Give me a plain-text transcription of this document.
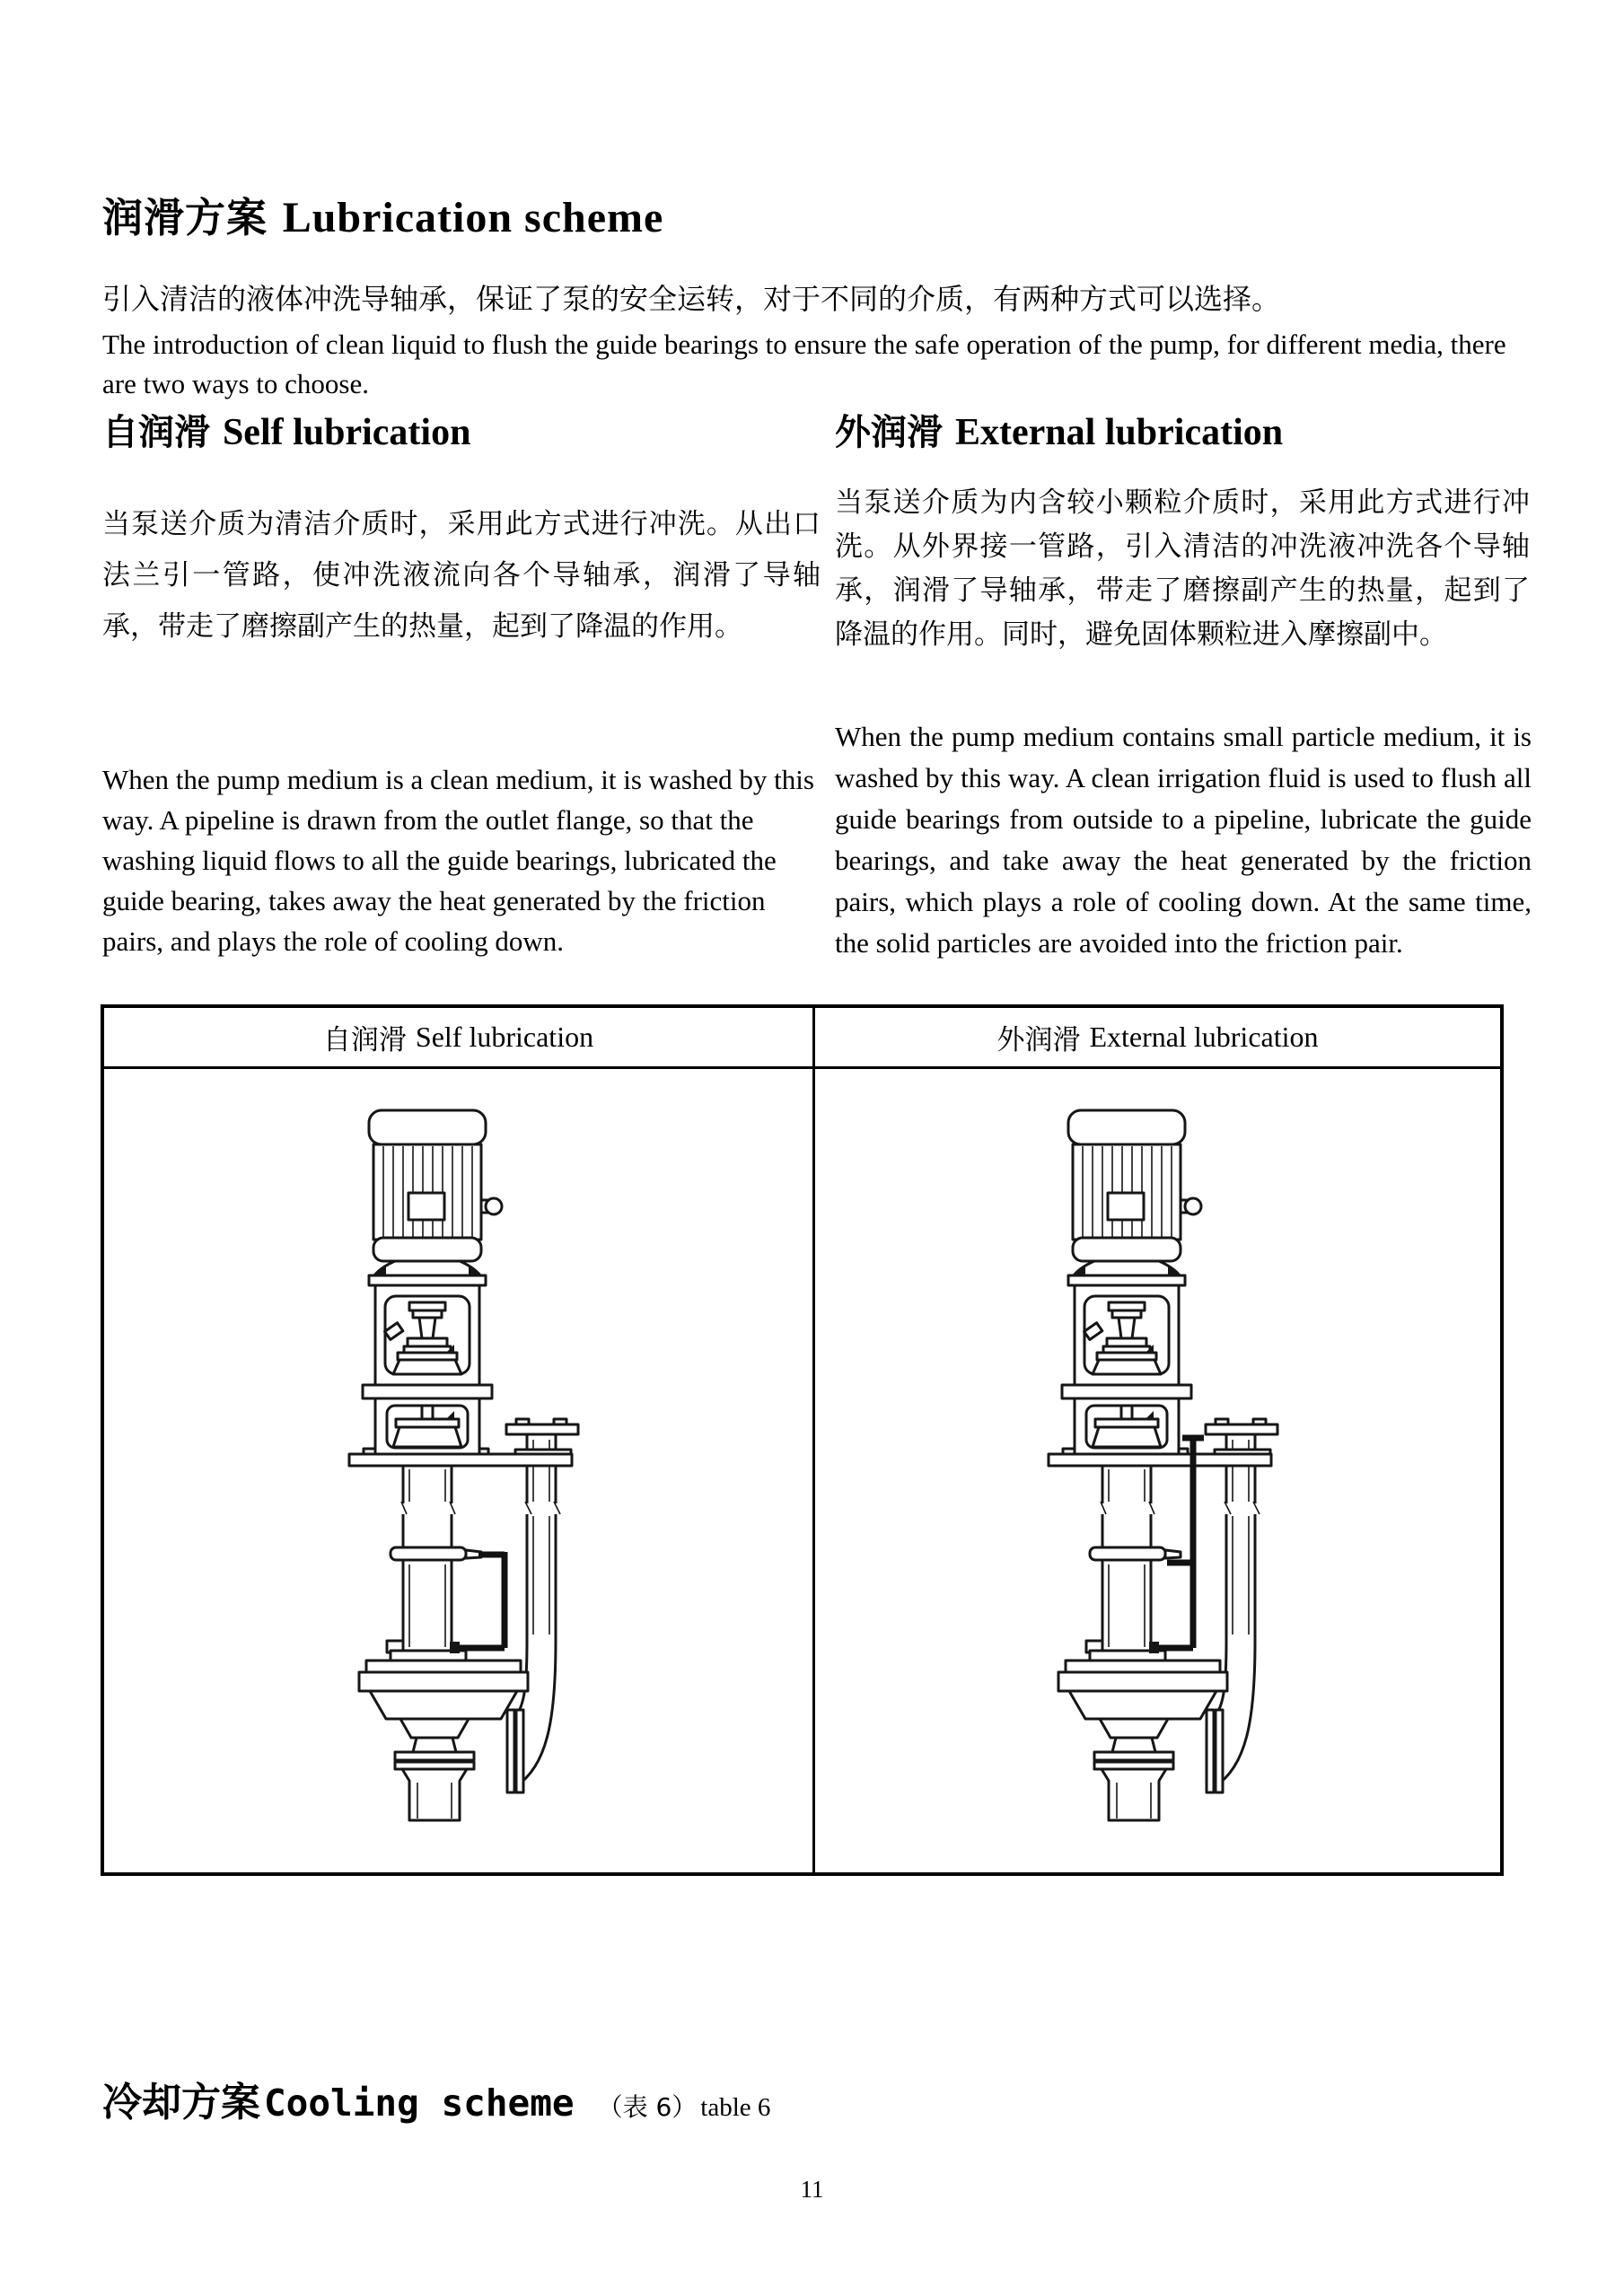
润滑方案 Lubrication scheme
引入清洁的液体冲洗导轴承，保证了泵的安全运转，对于不同的介质，有两种方式可以选择。
The introduction of clean liquid to flush the guide bearings to ensure the safe operation of the pump, for different media, there are two ways to choose.
自润滑 Self lubrication	外润滑 External lubrication
当泵送介质为清洁介质时，采用此方式进行冲洗。从出口法兰引一管路，使冲洗液流向各个导轴承，润滑了导轴承，带走了磨擦副产生的热量，起到了降温的作用。
当泵送介质为内含较小颗粒介质时，采用此方式进行冲洗。从外界接一管路，引入清洁的冲洗液冲洗各个导轴承，润滑了导轴承，带走了磨擦副产生的热量，起到了降温的作用。同时，避免固体颗粒进入摩擦副中。
When the pump medium is a clean medium, it is washed by this way. A pipeline is drawn from the outlet flange, so that the washing liquid flows to all the guide bearings, lubricated the guide bearing, takes away the heat generated by the friction pairs, and plays the role of cooling down.
When the pump medium contains small particle medium, it is washed by this way. A clean irrigation fluid is used to flush all guide bearings from outside to a pipeline, lubricate the guide bearings, and take away the heat generated by the friction pairs, which plays a role of cooling down. At the same time, the solid particles are avoided into the friction pair.
自润滑 Self lubrication	外润滑 External lubrication
冷却方案 Cooling scheme （表 6） table 6
11
